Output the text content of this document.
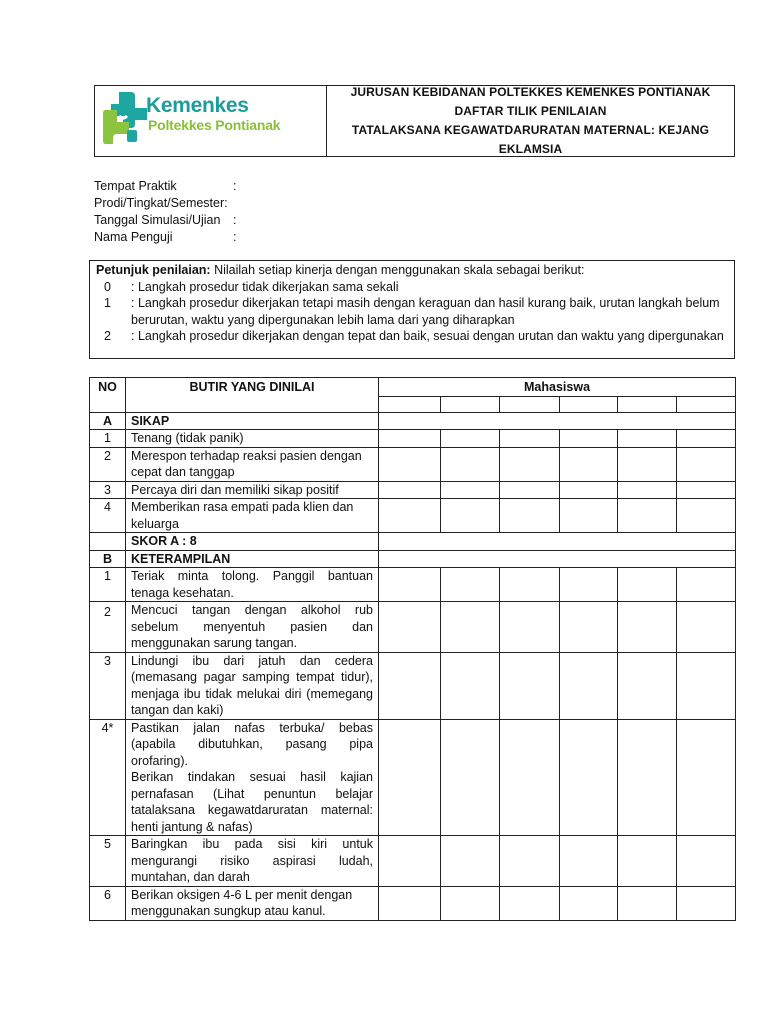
Kemenkes
Poltekkes Pontianak
JURUSAN KEBIDANAN POLTEKKES KEMENKES PONTIANAK
DAFTAR TILIK PENILAIAN
TATALAKSANA KEGAWATDARURATAN MATERNAL: KEJANG
EKLAMSIA
Tempat Praktik	:
Prodi/Tingkat/Semester:
Tanggal Simulasi/Ujian :
Nama Penguji	:
Petunjuk penilaian: Nilailah setiap kinerja dengan menggunakan skala sebagai berikut:
0 : Langkah prosedur tidak dikerjakan sama sekali
1 : Langkah prosedur dikerjakan tetapi masih dengan keraguan dan hasil kurang baik, urutan langkah belum berurutan, waktu yang dipergunakan lebih lama dari yang diharapkan
2 : Langkah prosedur dikerjakan dengan tepat dan baik, sesuai dengan urutan dan waktu yang dipergunakan
NO	BUTIR YANG DINILAI	Mahasiswa					

A	SIKAP						
1	Tenang (tidak panik)						
2	Merespon terhadap reaksi pasien dengan cepat dan tanggap						
3	Percaya diri dan memiliki sikap positif						
4	Memberikan rasa empati pada klien dan keluarga						
	SKOR A : 8						
B	KETERAMPILAN						
1	Teriak minta tolong. Panggil bantuan tenaga kesehatan.						
2	Mencuci tangan dengan alkohol rub sebelum menyentuh pasien dan menggunakan sarung tangan.						
3	Lindungi ibu dari jatuh dan cedera (memasang pagar samping tempat tidur), menjaga ibu tidak melukai diri (memegang tangan dan kaki)						
4*	Pastikan jalan nafas terbuka/ bebas (apabila dibutuhkan, pasang pipa orofaring).
Berikan tindakan sesuai hasil kajian pernafasan (Lihat penuntun belajar tatalaksana kegawatdaruratan maternal: henti jantung & nafas)						

5	Baringkan ibu pada sisi kiri untuk mengurangi risiko aspirasi ludah, muntahan, dan darah						
6	Berikan oksigen 4-6 L per menit dengan menggunakan sungkup atau kanul.						
